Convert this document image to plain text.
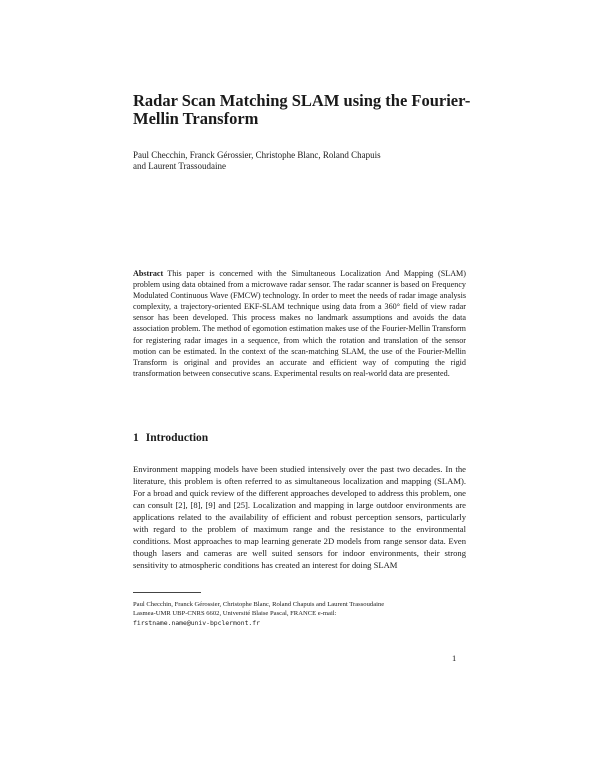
Radar Scan Matching SLAM using the Fourier-Mellin Transform
Paul Checchin, Franck Gérossier, Christophe Blanc, Roland Chapuis
and Laurent Trassoudaine
Abstract This paper is concerned with the Simultaneous Localization And Mapping (SLAM) problem using data obtained from a microwave radar sensor. The radar scanner is based on Frequency Modulated Continuous Wave (FMCW) technology. In order to meet the needs of radar image analysis complexity, a trajectory-oriented EKF-SLAM technique using data from a 360° field of view radar sensor has been developed. This process makes no landmark assumptions and avoids the data association problem. The method of egomotion estimation makes use of the Fourier-Mellin Transform for registering radar images in a sequence, from which the rotation and translation of the sensor motion can be estimated. In the context of the scan-matching SLAM, the use of the Fourier-Mellin Transform is original and provides an accurate and efficient way of computing the rigid transformation between consecutive scans. Experimental results on real-world data are presented.
1 Introduction

Environment mapping models have been studied intensively over the past two decades. In the literature, this problem is often referred to as simultaneous localization and mapping (SLAM). For a broad and quick review of the different approaches developed to address this problem, one can consult [2], [8], [9] and [25]. Localization and mapping in large outdoor environments are applications related to the availability of efficient and robust perception sensors, particularly with regard to the problem of maximum range and the resistance to the environmental conditions. Most approaches to map learning generate 2D models from range sensor data. Even though lasers and cameras are well suited sensors for indoor environments, their strong sensitivity to atmospheric conditions has created an interest for doing SLAM

Paul Checchin, Franck Gérossier, Christophe Blanc, Roland Chapuis and Laurent Trassoudaine
Lasmea-UMR UBP-CNRS 6602, Université Blaise Pascal, FRANCE e-mail:
firstname.name@univ-bpclermont.fr
1
